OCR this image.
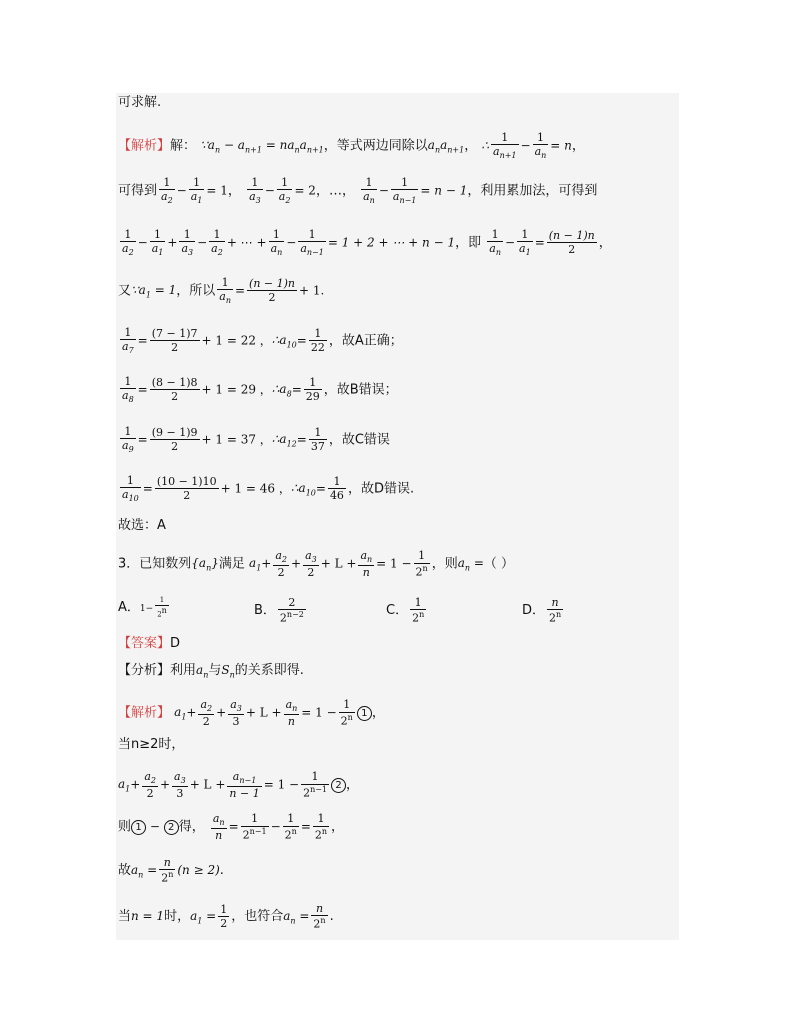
可求解.
【解析】解： $\because a_n - a_{n+1} = na_na_{n+1}$，等式两边同除以$a_na_{n+1}$， ∴ $\frac{1}{a_{n+1}} - \frac{1}{a_n} = n$，
可得到 $\frac{1}{a_2} - \frac{1}{a_1} = 1$， $\frac{1}{a_3} - \frac{1}{a_2} = 2$，…， $\frac{1}{a_n} - \frac{1}{a_{n-1}} = n - 1$，利用累加法，可得到
$\frac{1}{a_2} - \frac{1}{a_1} + \frac{1}{a_3} - \frac{1}{a_2}$ + ⋯ + $\frac{1}{a_n} - \frac{1}{a_{n-1}} = 1 + 2$ + ⋯ + n − 1，即 $\frac{1}{a_n} - \frac{1}{a_1} = \frac{(n - 1)n}{2}$ ，
又$\because a_1 = 1$，所以 $\frac{1}{a_n} = \frac{(n - 1)n}{2} + 1$.
$\frac{1}{a_7} = \frac{(7 - 1)7}{2} + 1 = 22$ ，$\therefore a_{10}= \frac{1}{22}$ ，故A正确；
$\frac{1}{a_8} = \frac{(8 - 1)8}{2} + 1 = 29$ ，$\therefore a_8= \frac{1}{29}$ ，故B错误；
$\frac{1}{a_9} = \frac{(9 - 1)9}{2} + 1 = 37$ ，$\therefore a_{12}= \frac{1}{37}$ ，故C错误
$\frac{1}{a_{10}} = \frac{(10 - 1)10}{2} + 1 = 46$ ，$\therefore a_{10}= \frac{1}{46}$ ，故D错误.
故选：A
3．已知数列$\{a_n\}$满足 $a_1+ \frac{a_2}{2} + \frac{a_3}{2} + L + \frac{a_n}{n} = 1 - \frac{1}{2^n}$ ，则$a_n$ =（ ）
A．$1- \frac{1}{2^n}$	B． $\frac{2}{2^{n-2}}$	C． $\frac{1}{2^n}$	D． $\frac{n}{2^n}$
【答案】D
【分析】利用$a_n$与$S_n$的关系即得.
【解析】 $a_1+ \frac{a_2}{2} + \frac{a_3}{3} + L + \frac{a_n}{n} = 1 - \frac{1}{2^n} 1$ ，
当n≥2时，
$a_1+ \frac{a_2}{2} + \frac{a_3}{3} + L + \frac{a_{n-1}}{n - 1} = 1 - \frac{1}{2^{n-1}} 2$ ，
则 1 − 2 得， $\frac{a_n}{n} = \frac{1}{2^{n-1}} - \frac{1}{2^n} = \frac{1}{2^n}$ ，
故$a_n = \frac{n}{2^n} (n \ge 2)$.
当n = 1时，$a_1 = \frac{1}{2}$ ，也符合$a_n = \frac{n}{2^n}$ .
